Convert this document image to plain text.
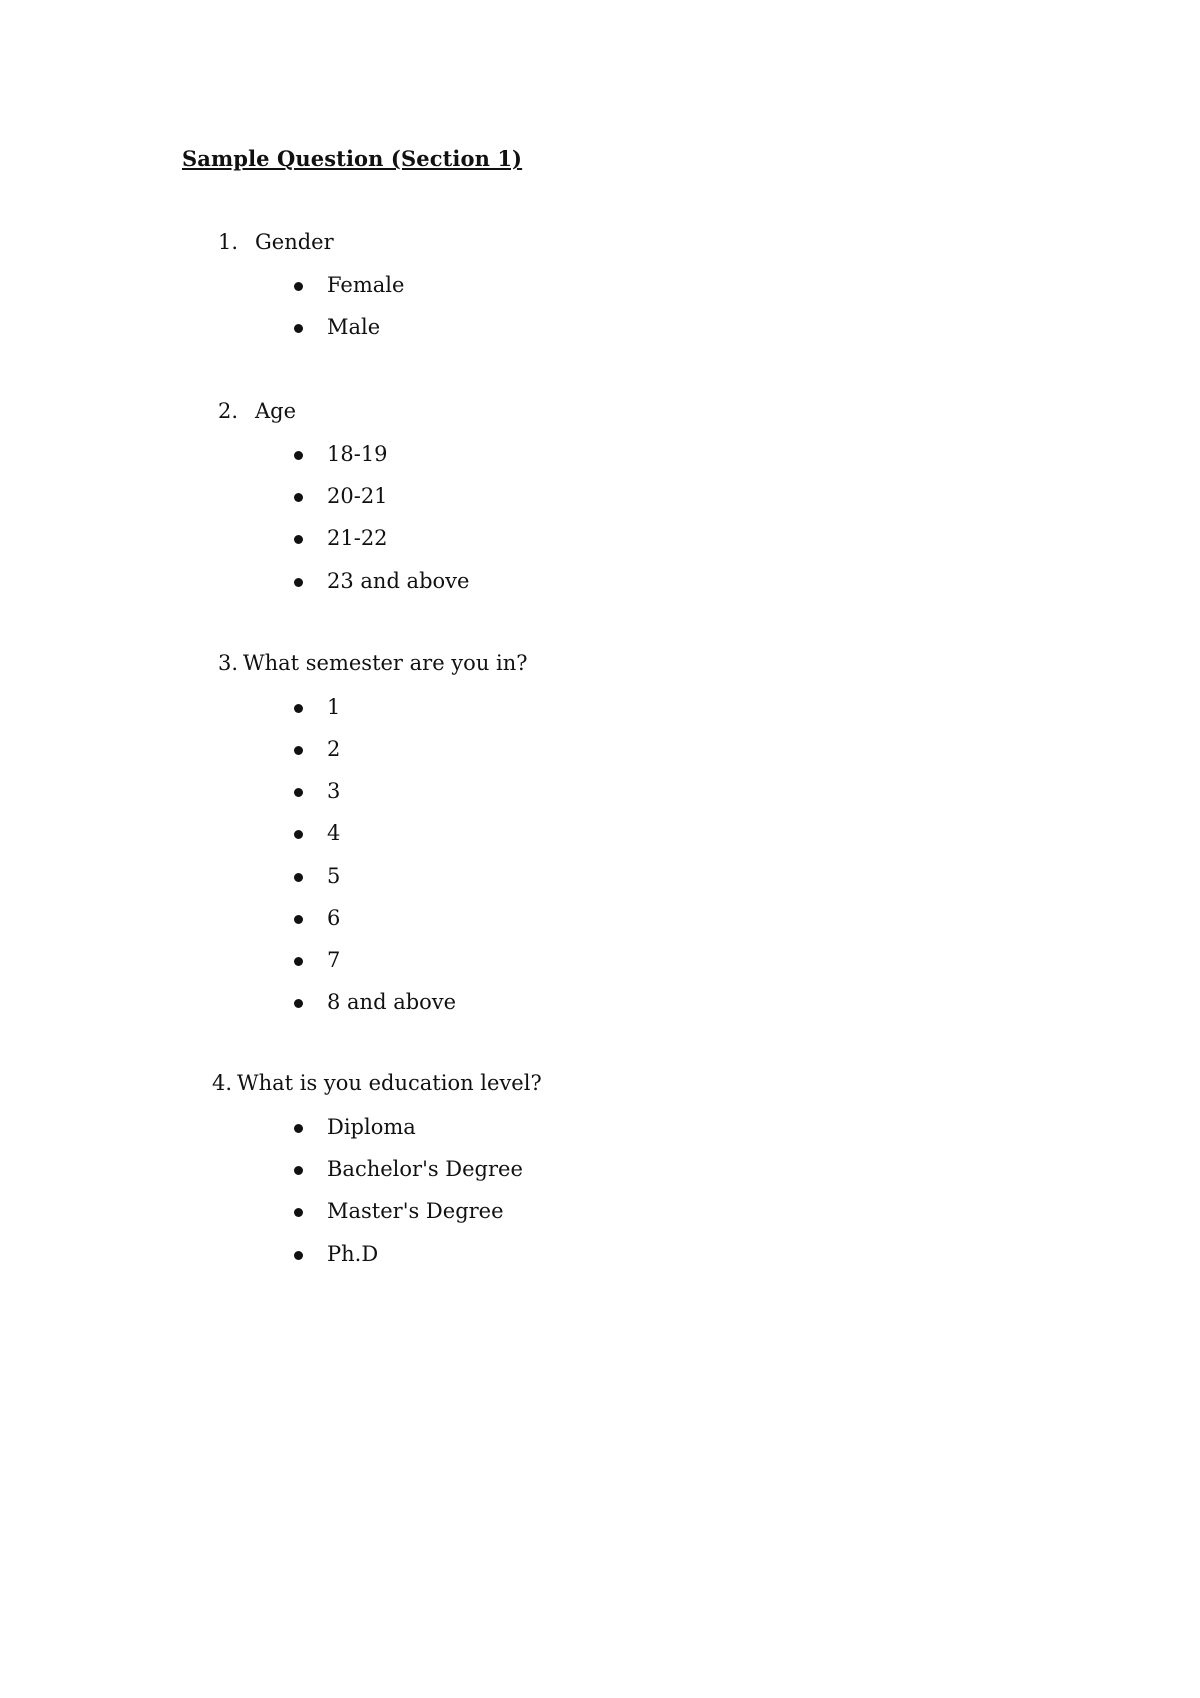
Sample Question (Section 1)
1. Gender
Female
Male
2. Age
18-19
20-21
21-22
23 and above
3. What semester are you in?
1
2
3
4
5
6
7
8 and above
4. What is you education level?
Diploma
Bachelor's Degree
Master's Degree
Ph.D
